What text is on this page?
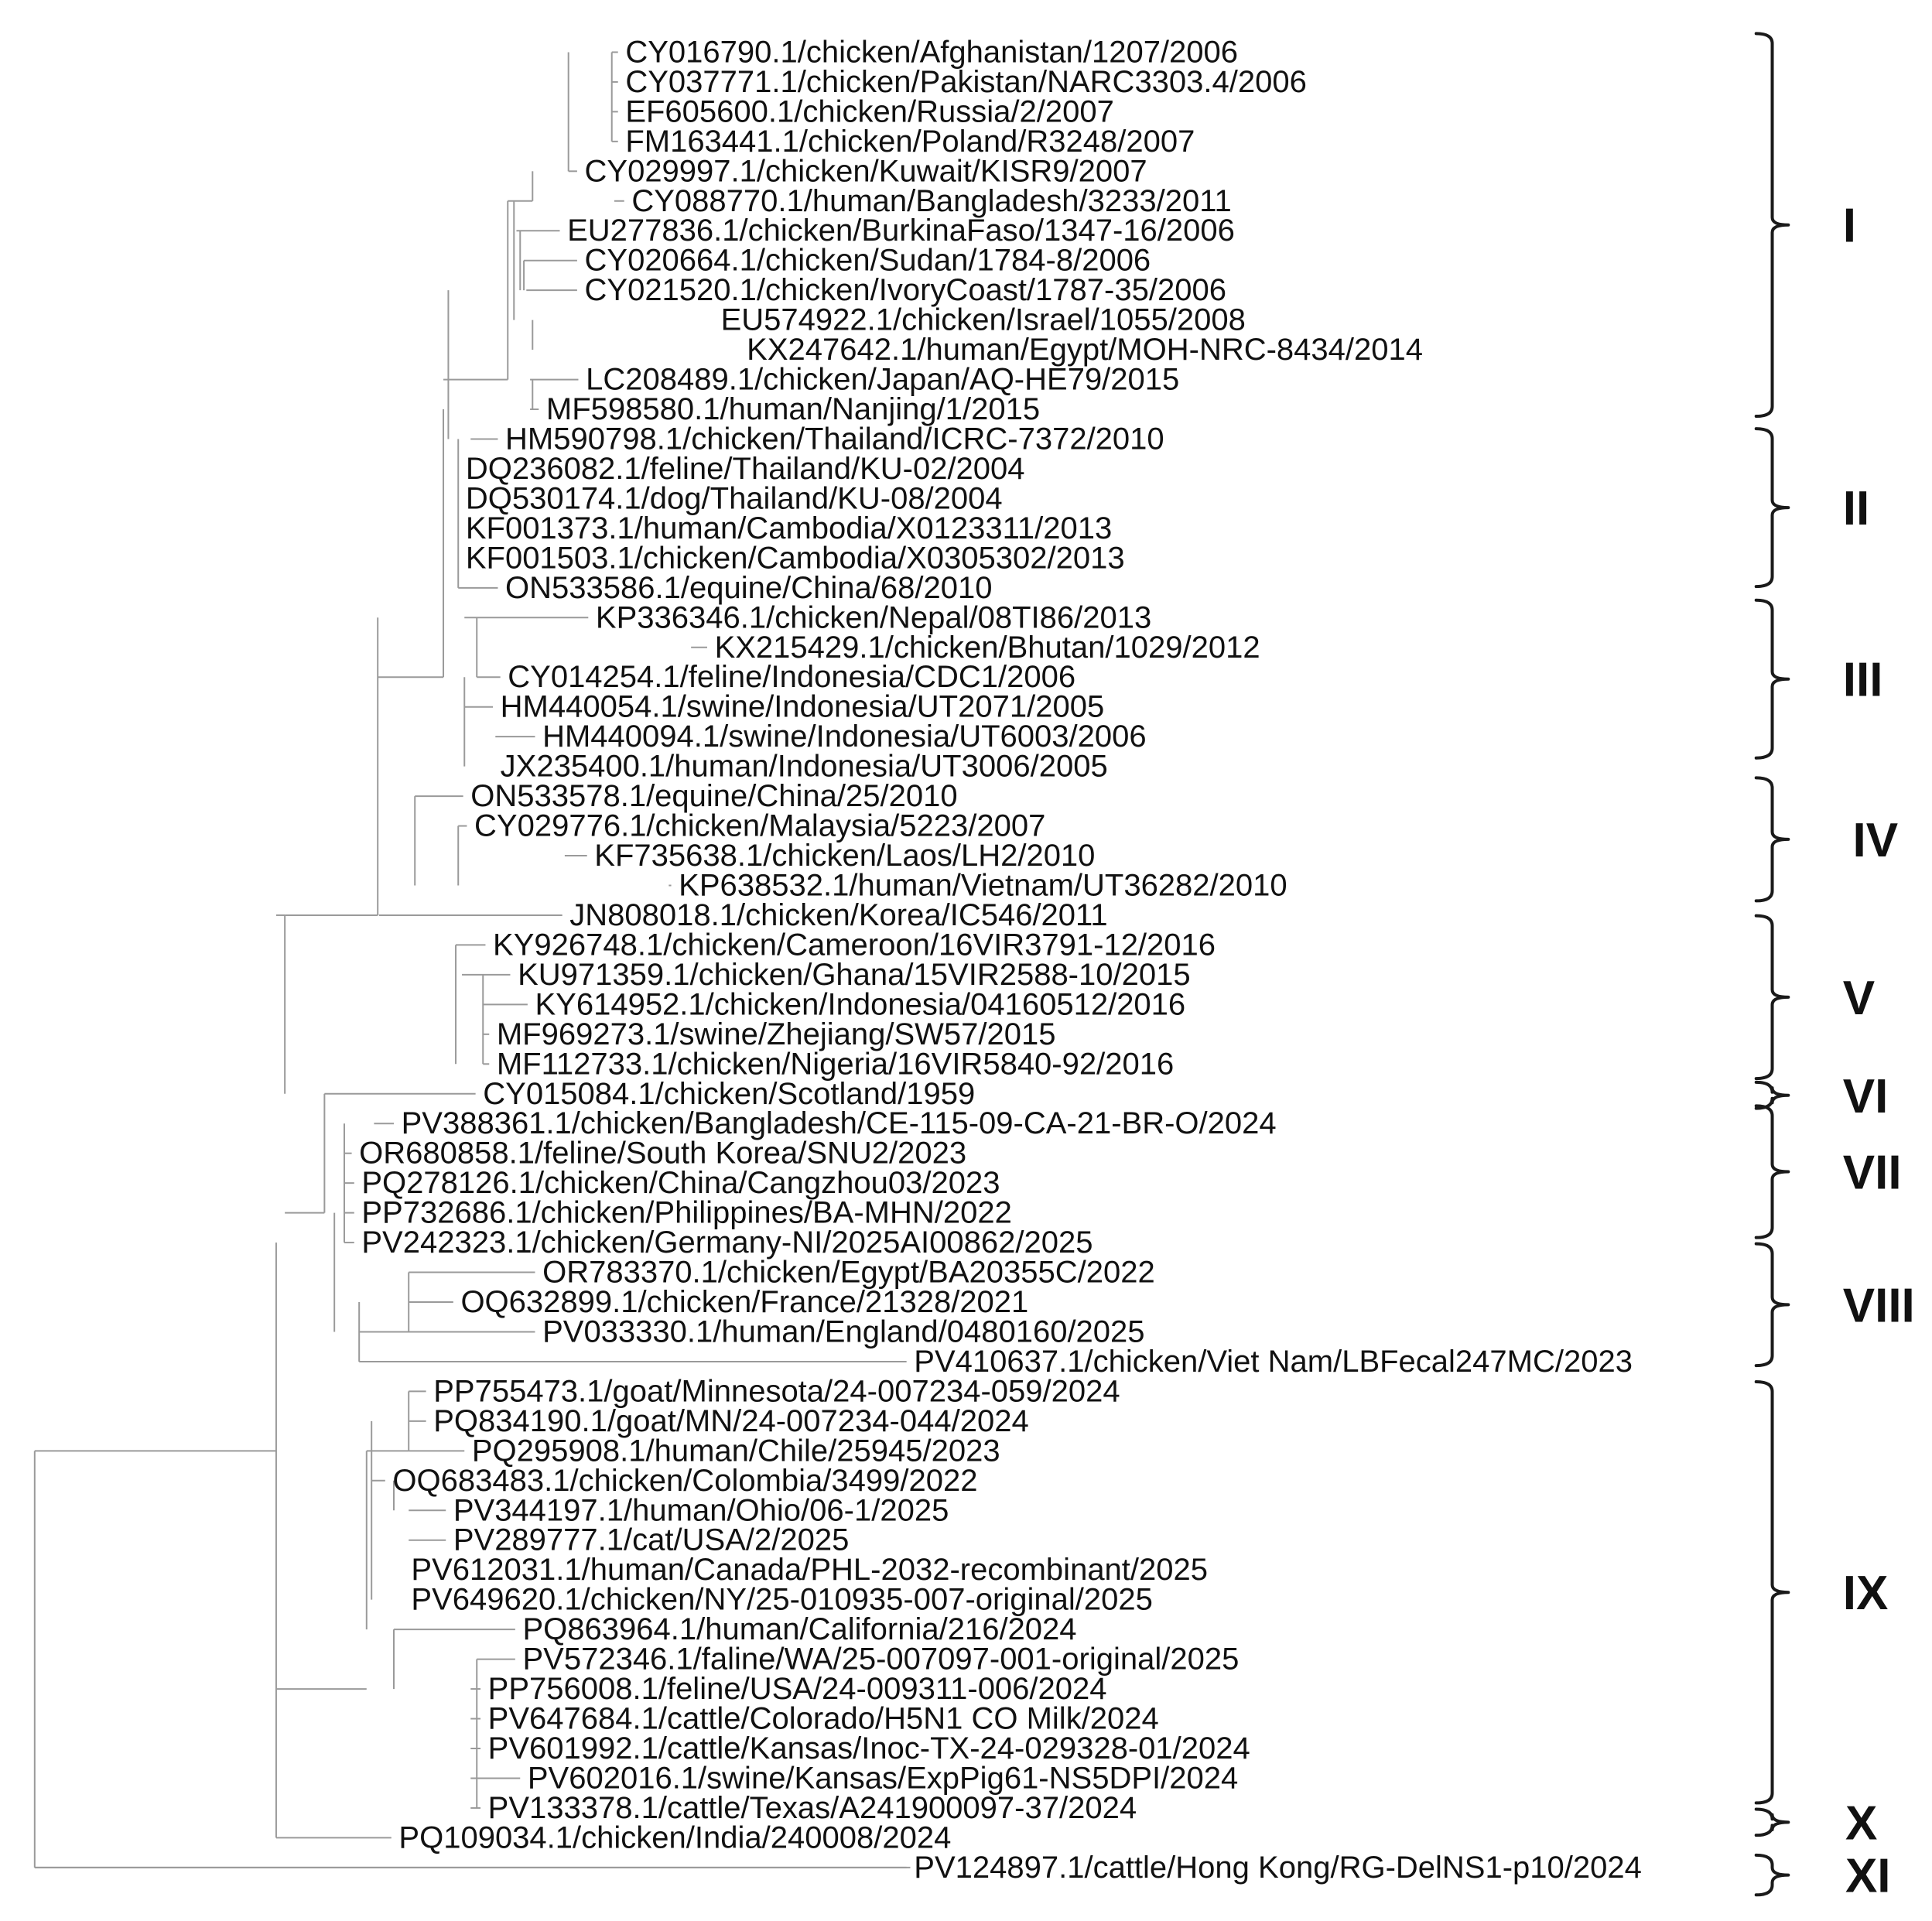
CY016790.1/chicken/Afghanistan/1207/2006
CY037771.1/chicken/Pakistan/NARC3303.4/2006
EF605600.1/chicken/Russia/2/2007
FM163441.1/chicken/Poland/R3248/2007
CY029997.1/chicken/Kuwait/KISR9/2007
CY088770.1/human/Bangladesh/3233/2011
EU277836.1/chicken/BurkinaFaso/1347-16/2006
CY020664.1/chicken/Sudan/1784-8/2006
CY021520.1/chicken/IvoryCoast/1787-35/2006
EU574922.1/chicken/Israel/1055/2008
KX247642.1/human/Egypt/MOH-NRC-8434/2014
LC208489.1/chicken/Japan/AQ-HE79/2015
MF598580.1/human/Nanjing/1/2015
HM590798.1/chicken/Thailand/ICRC-7372/2010
DQ236082.1/feline/Thailand/KU-02/2004
DQ530174.1/dog/Thailand/KU-08/2004
KF001373.1/human/Cambodia/X0123311/2013
KF001503.1/chicken/Cambodia/X0305302/2013
ON533586.1/equine/China/68/2010
KP336346.1/chicken/Nepal/08TI86/2013
KX215429.1/chicken/Bhutan/1029/2012
CY014254.1/feline/Indonesia/CDC1/2006
HM440054.1/swine/Indonesia/UT2071/2005
HM440094.1/swine/Indonesia/UT6003/2006
JX235400.1/human/Indonesia/UT3006/2005
ON533578.1/equine/China/25/2010
CY029776.1/chicken/Malaysia/5223/2007
KF735638.1/chicken/Laos/LH2/2010
KP638532.1/human/Vietnam/UT36282/2010
JN808018.1/chicken/Korea/IC546/2011
KY926748.1/chicken/Cameroon/16VIR3791-12/2016
KU971359.1/chicken/Ghana/15VIR2588-10/2015
KY614952.1/chicken/Indonesia/04160512/2016
MF969273.1/swine/Zhejiang/SW57/2015
MF112733.1/chicken/Nigeria/16VIR5840-92/2016
CY015084.1/chicken/Scotland/1959
PV388361.1/chicken/Bangladesh/CE-115-09-CA-21-BR-O/2024
OR680858.1/feline/South Korea/SNU2/2023
PQ278126.1/chicken/China/Cangzhou03/2023
PP732686.1/chicken/Philippines/BA-MHN/2022
PV242323.1/chicken/Germany-NI/2025AI00862/2025
OR783370.1/chicken/Egypt/BA20355C/2022
OQ632899.1/chicken/France/21328/2021
PV033330.1/human/England/0480160/2025
PV410637.1/chicken/Viet Nam/LBFecal247MC/2023
PP755473.1/goat/Minnesota/24-007234-059/2024
PQ834190.1/goat/MN/24-007234-044/2024
PQ295908.1/human/Chile/25945/2023
OQ683483.1/chicken/Colombia/3499/2022
PV344197.1/human/Ohio/06-1/2025
PV289777.1/cat/USA/2/2025
PV612031.1/human/Canada/PHL-2032-recombinant/2025
PV649620.1/chicken/NY/25-010935-007-original/2025
PQ863964.1/human/California/216/2024
PV572346.1/faline/WA/25-007097-001-original/2025
PP756008.1/feline/USA/24-009311-006/2024
PV647684.1/cattle/Colorado/H5N1 CO Milk/2024
PV601992.1/cattle/Kansas/Inoc-TX-24-029328-01/2024
PV602016.1/swine/Kansas/ExpPig61-NS5DPI/2024
PV133378.1/cattle/Texas/A241900097-37/2024
PQ109034.1/chicken/India/240008/2024
PV124897.1/cattle/Hong Kong/RG-DelNS1-p10/2024
I
II
III
IV
V
VI
VII
VIII
IX
X
XI
